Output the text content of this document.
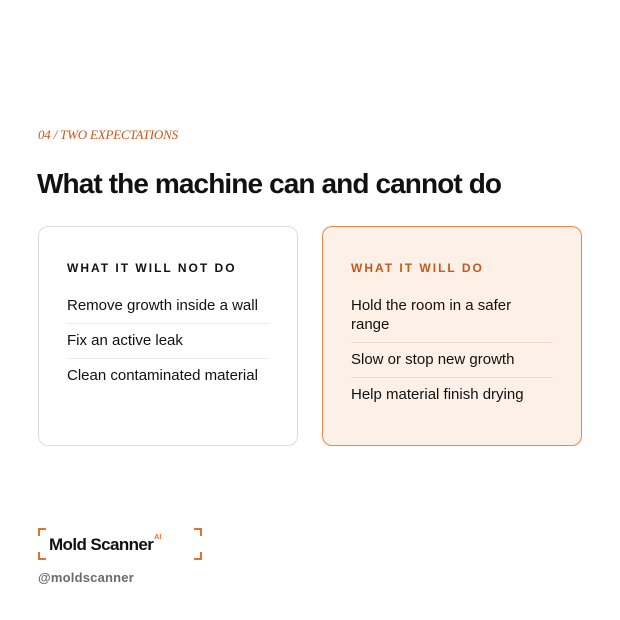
04 / TWO EXPECTATIONS
What the machine can and cannot do
WHAT IT WILL NOT DO
Remove growth inside a wall
Fix an active leak
Clean contaminated material
WHAT IT WILL DO
Hold the room in a safer range
Slow or stop new growth
Help material finish drying
Mold Scanner$^{AI}$
@moldscanner
